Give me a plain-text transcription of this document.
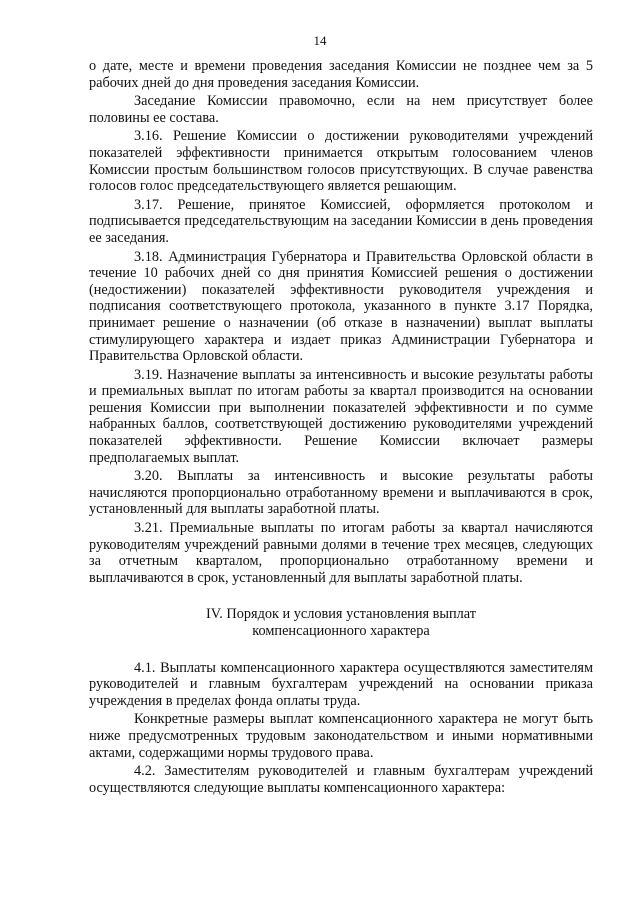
14

о дате, месте и времени проведения заседания Комиссии не позднее чем за 5 рабочих дней до дня проведения заседания Комиссии.

Заседание Комиссии правомочно, если на нем присутствует более половины ее состава.

3.16. Решение Комиссии о достижении руководителями учреждений показателей эффективности принимается открытым голосованием членов Комиссии простым большинством голосов присутствующих. В случае равенства голосов голос председательствующего является решающим.

3.17. Решение, принятое Комиссией, оформляется протоколом и подписывается председательствующим на заседании Комиссии в день проведения ее заседания.

3.18. Администрация Губернатора и Правительства Орловской области в течение 10 рабочих дней со дня принятия Комиссией решения о достижении (недостижении) показателей эффективности руководителя учреждения и подписания соответствующего протокола, указанного в пункте 3.17 Порядка, принимает решение о назначении (об отказе в назначении) выплат выплаты стимулирующего характера и издает приказ Администрации Губернатора и Правительства Орловской области.

3.19. Назначение выплаты за интенсивность и высокие результаты работы и премиальных выплат по итогам работы за квартал производится на основании решения Комиссии при выполнении показателей эффективности и по сумме набранных баллов, соответствующей достижению руководителями учреждений показателей эффективности. Решение Комиссии включает размеры предполагаемых выплат.

3.20. Выплаты за интенсивность и высокие результаты работы начисляются пропорционально отработанному времени и выплачиваются в срок, установленный для выплаты заработной платы.

3.21. Премиальные выплаты по итогам работы за квартал начисляются руководителям учреждений равными долями в течение трех месяцев, следующих за отчетным кварталом, пропорционально отработанному времени и выплачиваются в срок, установленный для выплаты заработной платы.

IV. Порядок и условия установления выплат
компенсационного характера

4.1. Выплаты компенсационного характера осуществляются заместителям руководителей и главным бухгалтерам учреждений на основании приказа учреждения в пределах фонда оплаты труда.

Конкретные размеры выплат компенсационного характера не могут быть ниже предусмотренных трудовым законодательством и иными нормативными актами, содержащими нормы трудового права.

4.2. Заместителям руководителей и главным бухгалтерам учреждений осуществляются следующие выплаты компенсационного характера:
